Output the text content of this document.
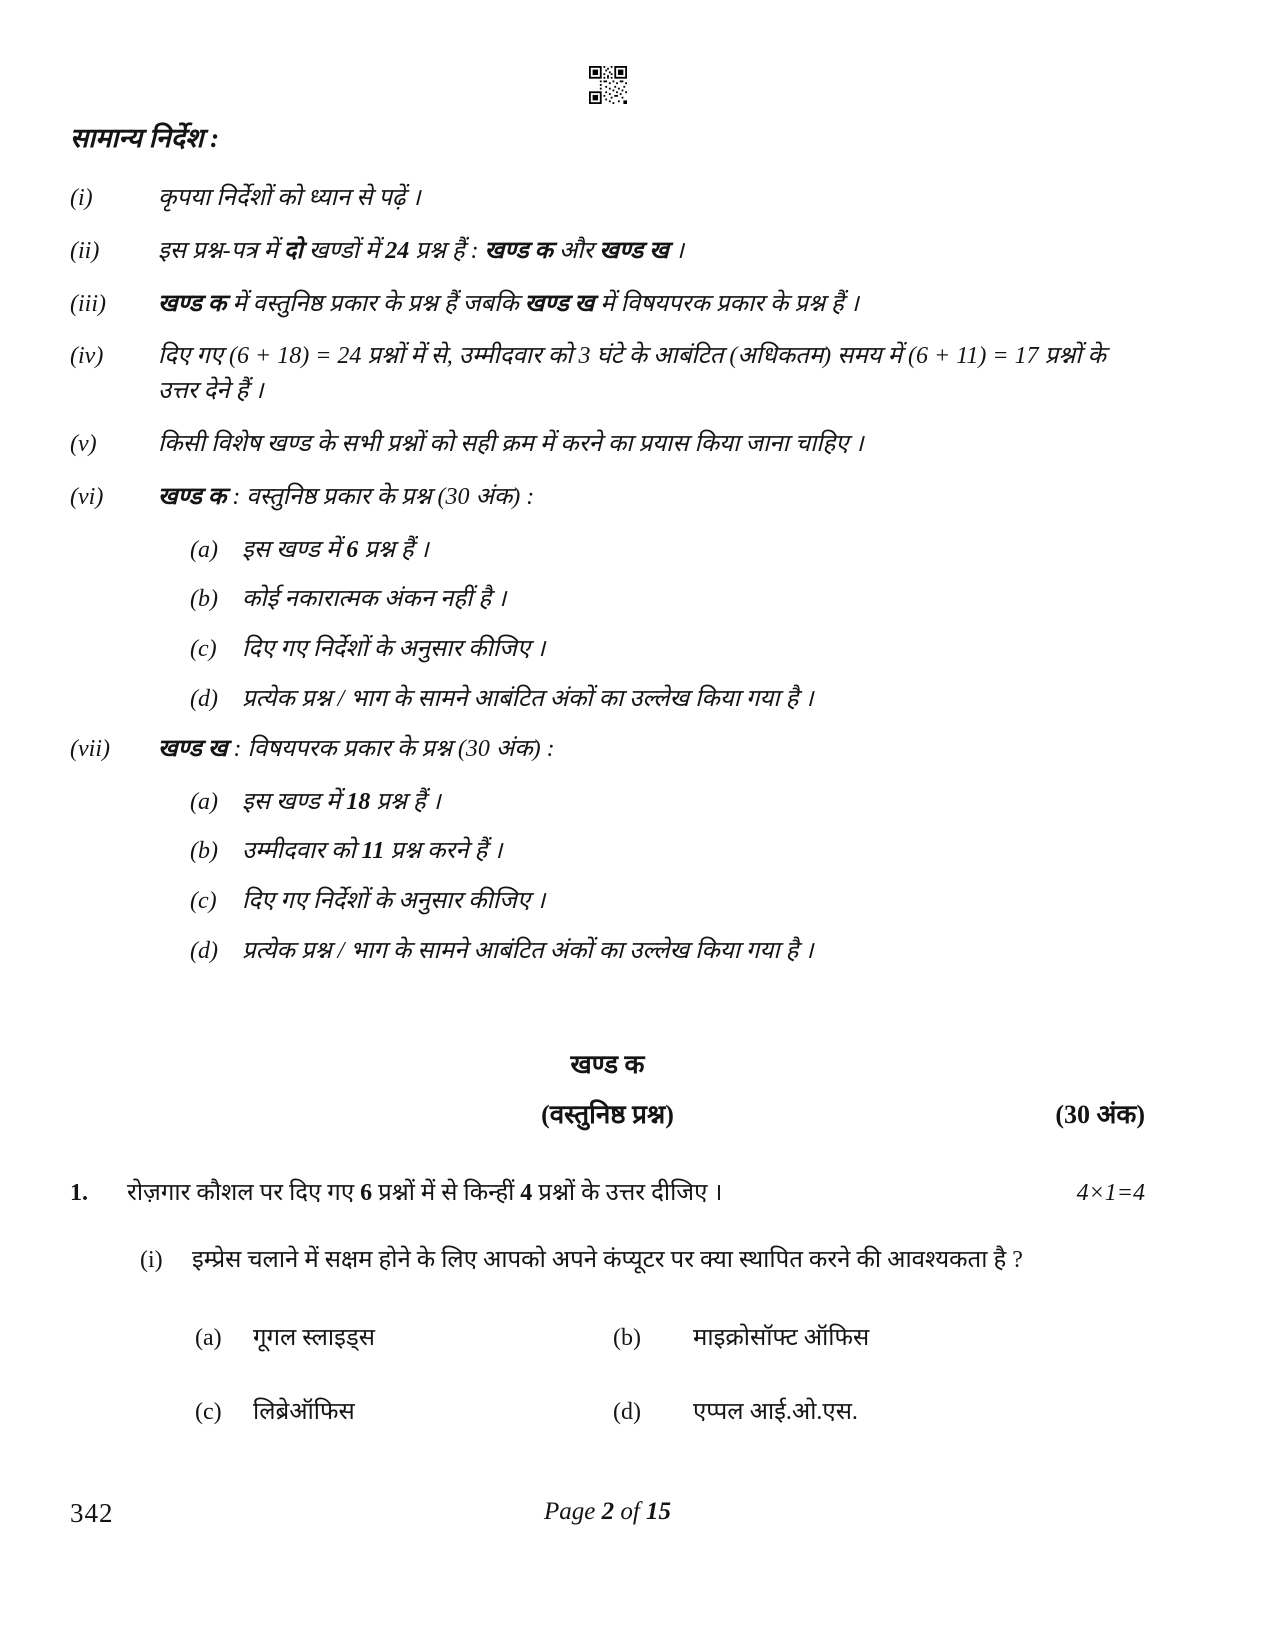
सामान्य निर्देश :
(i)	कृपया निर्देशों को ध्यान से पढ़ें ।
(ii)	इस प्रश्न-पत्र में दो खण्डों में 24 प्रश्न हैं : खण्ड क और खण्ड ख ।
(iii)	खण्ड क में वस्तुनिष्ठ प्रकार के प्रश्न हैं जबकि खण्ड ख में विषयपरक प्रकार के प्रश्न हैं ।
(iv)	दिए गए (6 + 18) = 24 प्रश्नों में से, उम्मीदवार को 3 घंटे के आबंटित (अधिकतम) समय में (6 + 11) = 17 प्रश्नों के उत्तर देने हैं ।
(v)	किसी विशेष खण्ड के सभी प्रश्नों को सही क्रम में करने का प्रयास किया जाना चाहिए ।
(vi)	खण्ड क : वस्तुनिष्ठ प्रकार के प्रश्न (30 अंक) :
(a)	इस खण्ड में 6 प्रश्न हैं ।
(b)	कोई नकारात्मक अंकन नहीं है ।
(c)	दिए गए निर्देशों के अनुसार कीजिए ।
(d)	प्रत्येक प्रश्न / भाग के सामने आबंटित अंकों का उल्लेख किया गया है ।
(vii)	खण्ड ख : विषयपरक प्रकार के प्रश्न (30 अंक) :
(a)	इस खण्ड में 18 प्रश्न हैं ।
(b)	उम्मीदवार को 11 प्रश्न करने हैं ।
(c)	दिए गए निर्देशों के अनुसार कीजिए ।
(d)	प्रत्येक प्रश्न / भाग के सामने आबंटित अंकों का उल्लेख किया गया है ।
खण्ड क
(वस्तुनिष्ठ प्रश्न)	(30 अंक)
1.	रोज़गार कौशल पर दिए गए 6 प्रश्नों में से किन्हीं 4 प्रश्नों के उत्तर दीजिए ।	4×1=4
(i)	इम्प्रेस चलाने में सक्षम होने के लिए आपको अपने कंप्यूटर पर क्या स्थापित करने की आवश्यकता है ?
(a)	गूगल स्लाइड्स	(b)	माइक्रोसॉफ्ट ऑफिस
(c)	लिब्रेऑफिस	(d)	एप्पल आई.ओ.एस.
342	Page 2 of 15
